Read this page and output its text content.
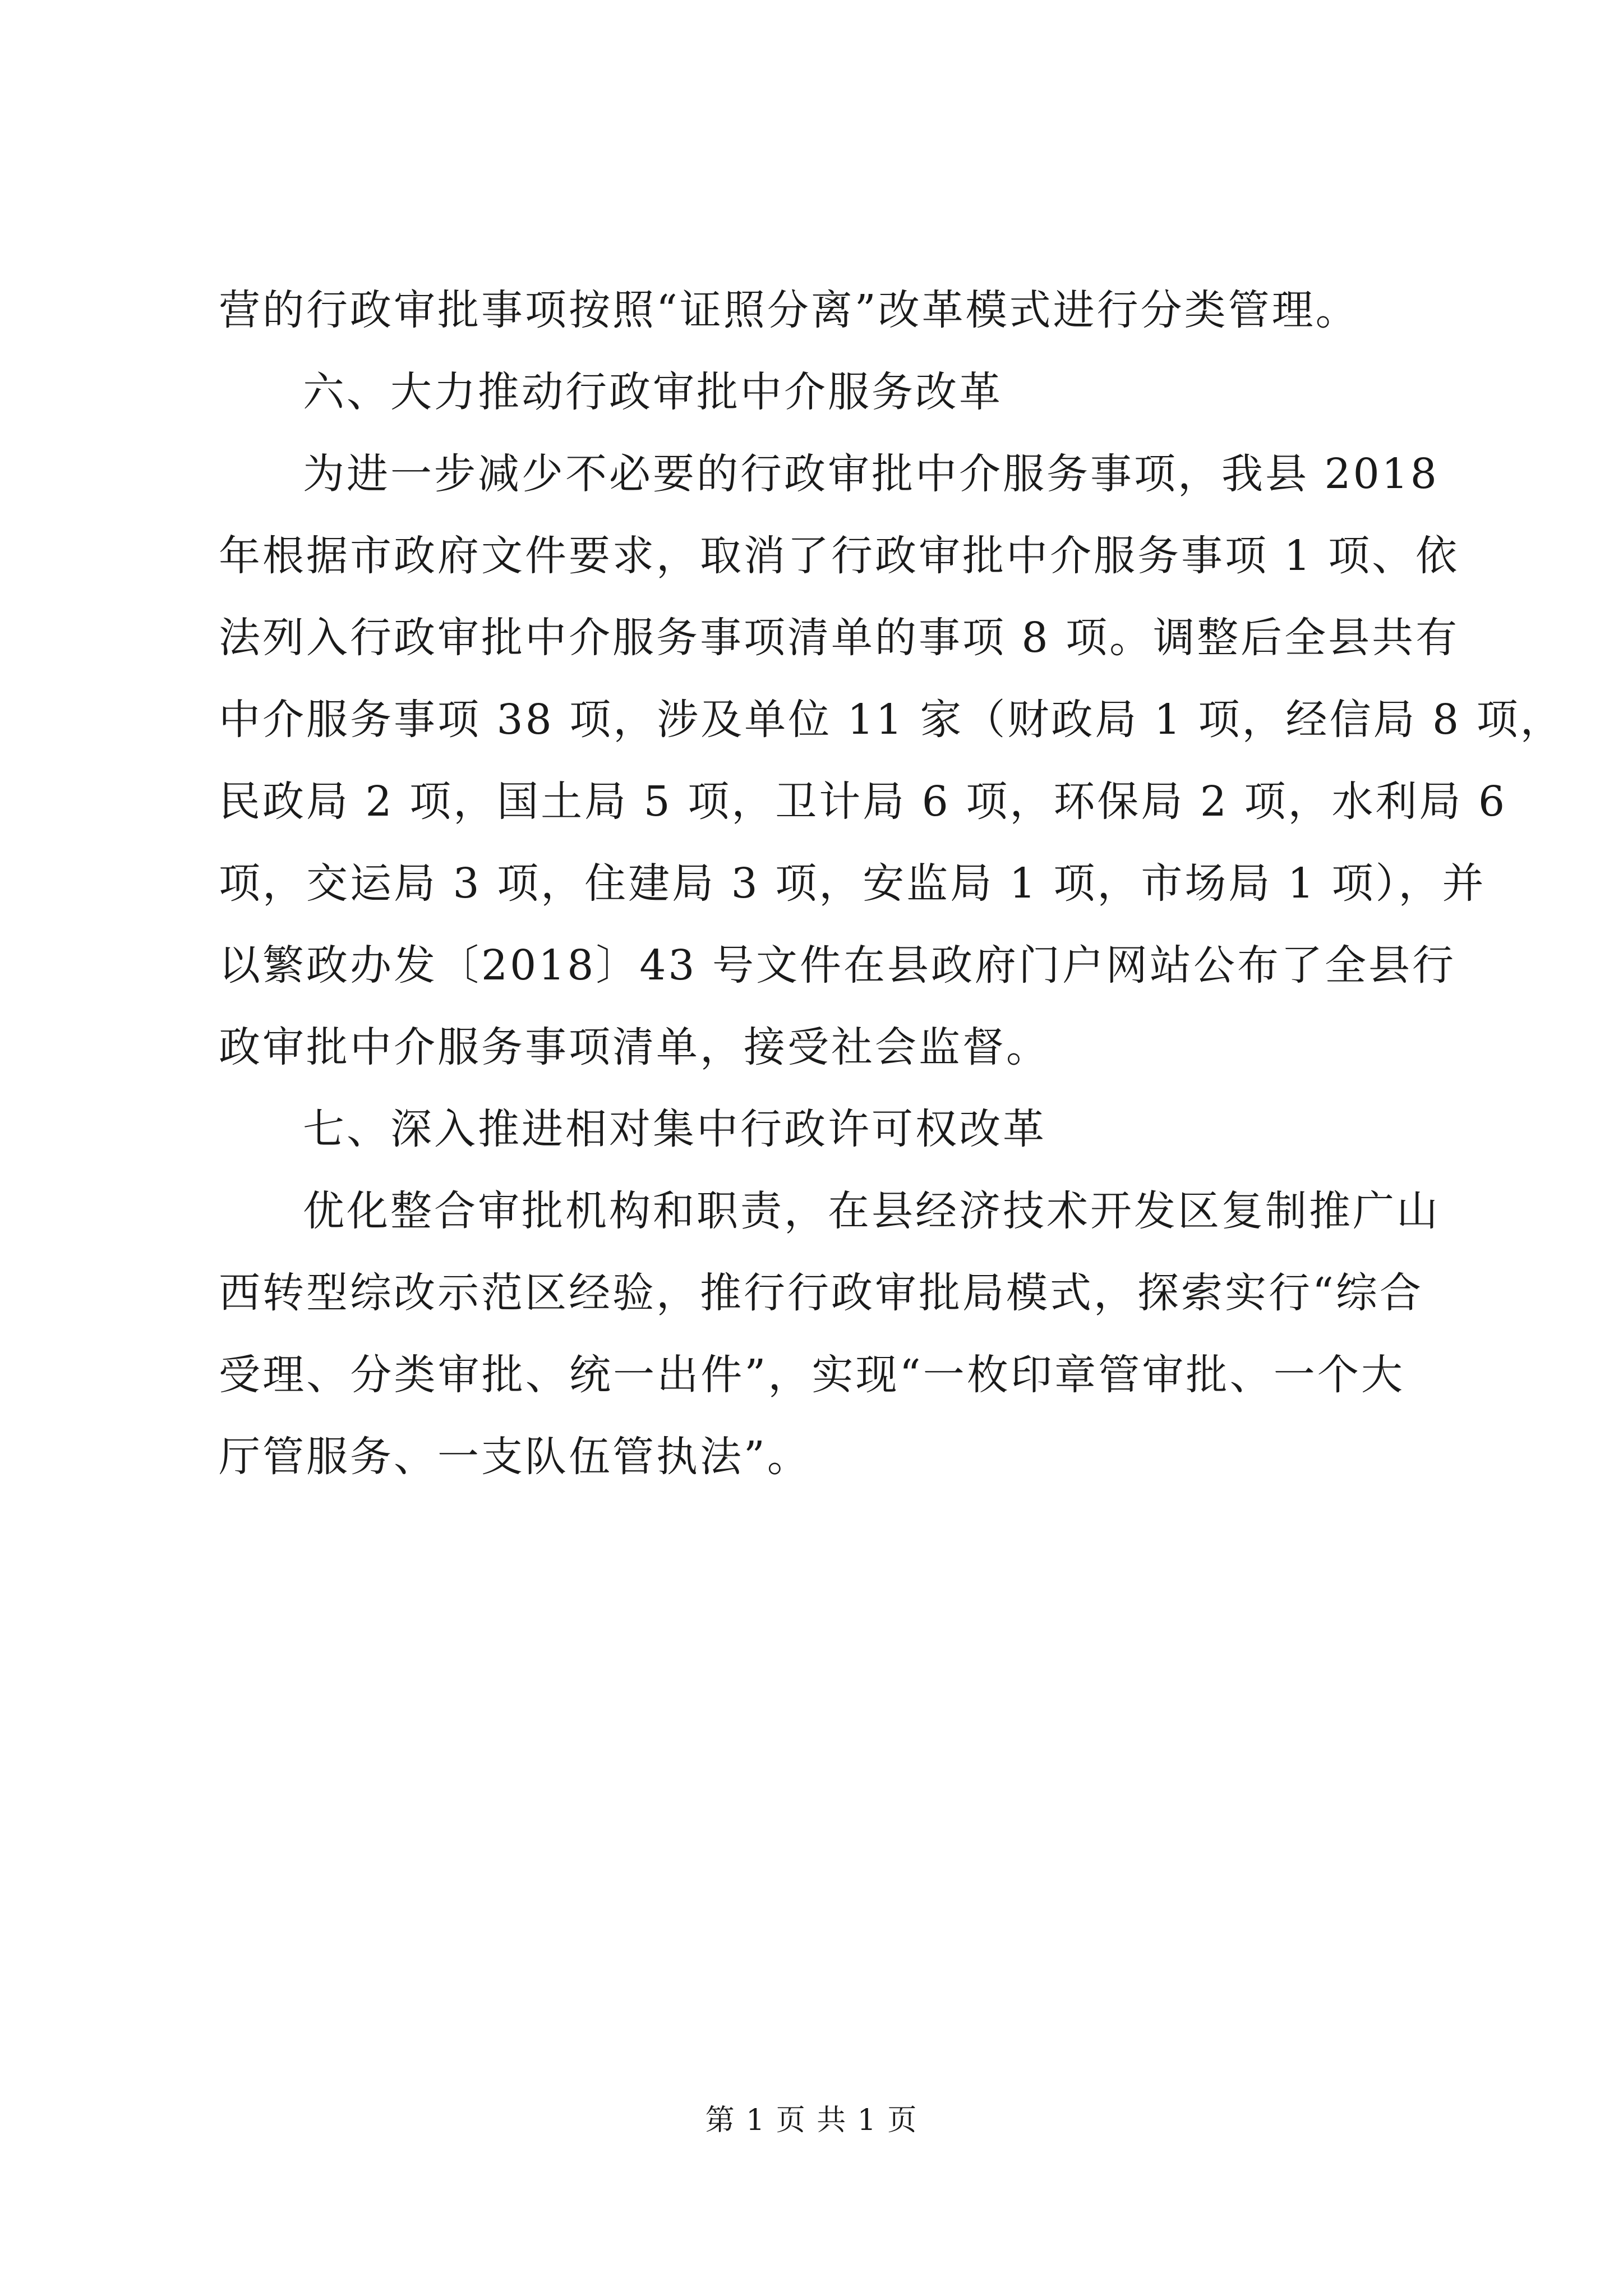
营的行政审批事项按照“证照分离”改革模式进行分类管理。
六、大力推动行政审批中介服务改革
为进一步减少不必要的行政审批中介服务事项，我县 2018
年根据市政府文件要求，取消了行政审批中介服务事项 1 项、依
法列入行政审批中介服务事项清单的事项 8 项。调整后全县共有
中介服务事项 38 项，涉及单位 11 家（财政局 1 项，经信局 8 项，
民政局 2 项，国土局 5 项，卫计局 6 项，环保局 2 项，水利局 6
项，交运局 3 项，住建局 3 项，安监局 1 项，市场局 1 项），并
以繁政办发〔2018〕43 号文件在县政府门户网站公布了全县行
政审批中介服务事项清单，接受社会监督。
七、深入推进相对集中行政许可权改革
优化整合审批机构和职责，在县经济技术开发区复制推广山
西转型综改示范区经验，推行行政审批局模式，探索实行“综合
受理、分类审批、统一出件”，实现“一枚印章管审批、一个大
厅管服务、一支队伍管执法”。
第 1 页 共 1 页
